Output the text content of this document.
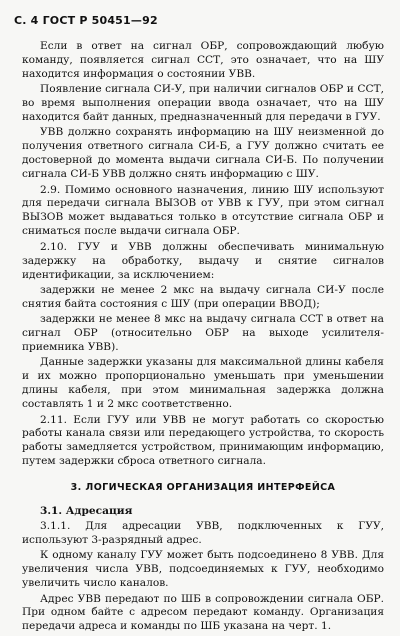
С. 4 ГОСТ Р 50451—92

Если в ответ на сигнал ОБР, сопровождающий любую команду, появляется сигнал ССТ, это означает, что на ШУ находится информация о состоянии УВВ.

Появление сигнала СИ-У, при наличии сигналов ОБР и ССТ, во время выполнения операции ввода означает, что на ШУ находится байт данных, предназначенный для передачи в ГУУ.

УВВ должно сохранять информацию на ШУ неизменной до получения ответного сигнала СИ-Б, а ГУУ должно считать ее достоверной до момента выдачи сигнала СИ-Б. По получении сигнала СИ-Б УВВ должно снять информацию с ШУ.

2.9. Помимо основного назначения, линию ШУ используют для передачи сигнала ВЫЗОВ от УВВ к ГУУ, при этом сигнал ВЫЗОВ может выдаваться только в отсутствие сигнала ОБР и сниматься после выдачи сигнала ОБР.

2.10. ГУУ и УВВ должны обеспечивать минимальную задержку на обработку, выдачу и снятие сигналов идентификации, за исключением:

задержки не менее 2 мкс на выдачу сигнала СИ-У после снятия байта состояния с ШУ (при операции ВВОД);

задержки не менее 8 мкс на выдачу сигнала ССТ в ответ на сигнал ОБР (относительно ОБР на выходе усилителя-приемника УВВ).

Данные задержки указаны для максимальной длины кабеля и их можно пропорционально уменьшать при уменьшении длины кабеля, при этом минимальная задержка должна составлять 1 и 2 мкс соответственно.

2.11. Если ГУУ или УВВ не могут работать со скоростью работы канала связи или передающего устройства, то скорость работы замедляется устройством, принимающим информацию, путем задержки сброса ответного сигнала.

3. ЛОГИЧЕСКАЯ ОРГАНИЗАЦИЯ ИНТЕРФЕЙСА

3.1. Адресация

3.1.1. Для адресации УВВ, подключенных к ГУУ, используют 3-разрядный адрес.

К одному каналу ГУУ может быть подсоединено 8 УВВ. Для увеличения числа УВВ, подсоединяемых к ГУУ, необходимо увеличить число каналов.

Адрес УВВ передают по ШБ в сопровождении сигнала ОБР. При одном байте с адресом передают команду. Организация передачи адреса и команды по ШБ указана на черт. 1.
